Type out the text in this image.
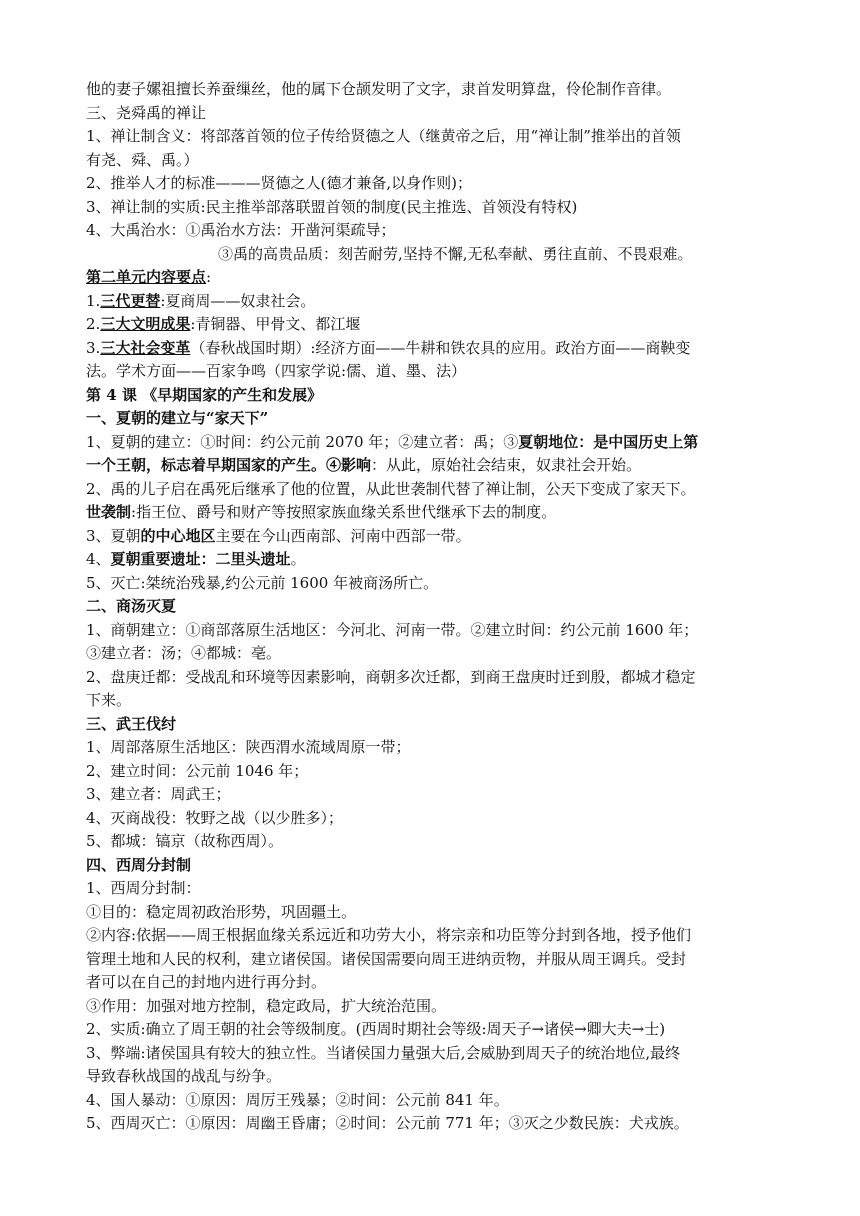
他的妻子嫘祖擅长养蚕缫丝，他的属下仓颉发明了文字，隶首发明算盘，伶伦制作音律。
三、尧舜禹的禅让
1、禅让制含义：将部落首领的位子传给贤德之人（继黄帝之后，用“禅让制”推举出的首领
有尧、舜、禹。）
2、推举人才的标准———贤德之人(德才兼备,以身作则)；
3、禅让制的实质:民主推举部落联盟首领的制度(民主推选、首领没有特权)
4、大禹治水：①禹治水方法：开凿河渠疏导；
③禹的高贵品质：刻苦耐劳,坚持不懈,无私奉献、勇往直前、不畏艰难。
第二单元内容要点:
1.三代更替:夏商周——奴隶社会。
2.三大文明成果:青铜器、甲骨文、都江堰
3.三大社会变革（春秋战国时期）:经济方面——牛耕和铁农具的应用。政治方面——商鞅变
法。学术方面——百家争鸣（四家学说:儒、道、墨、法）
第 4 课 《早期国家的产生和发展》
一、夏朝的建立与“家天下”
1、夏朝的建立：①时间：约公元前 2070 年；②建立者：禹；③夏朝地位：是中国历史上第
一个王朝，标志着早期国家的产生。④影响：从此，原始社会结束，奴隶社会开始。
2、禹的儿子启在禹死后继承了他的位置，从此世袭制代替了禅让制，公天下变成了家天下。
世袭制:指王位、爵号和财产等按照家族血缘关系世代继承下去的制度。
3、夏朝的中心地区主要在今山西南部、河南中西部一带。
4、夏朝重要遗址：二里头遗址。
5、灭亡:桀统治残暴,约公元前 1600 年被商汤所亡。
二、商汤灭夏
1、商朝建立：①商部落原生活地区：今河北、河南一带。②建立时间：约公元前 1600 年；
③建立者：汤；④都城：亳。
2、盘庚迁都：受战乱和环境等因素影响，商朝多次迁都，到商王盘庚时迁到殷，都城才稳定
下来。
三、武王伐纣
1、周部落原生活地区：陕西渭水流域周原一带；
2、建立时间：公元前 1046 年；
3、建立者：周武王；
4、灭商战役：牧野之战（以少胜多）；
5、都城：镐京（故称西周）。
四、西周分封制
1、西周分封制：
①目的：稳定周初政治形势，巩固疆土。
②内容:依据——周王根据血缘关系远近和功劳大小，将宗亲和功臣等分封到各地，授予他们
管理土地和人民的权利，建立诸侯国。诸侯国需要向周王进纳贡物，并服从周王调兵。受封
者可以在自己的封地内进行再分封。
③作用：加强对地方控制，稳定政局，扩大统治范围。
2、实质:确立了周王朝的社会等级制度。(西周时期社会等级:周天子→诸侯→卿大夫→士)
3、弊端:诸侯国具有较大的独立性。当诸侯国力量强大后,会威胁到周天子的统治地位,最终
导致春秋战国的战乱与纷争。
4、国人暴动：①原因：周厉王残暴；②时间：公元前 841 年。
5、西周灭亡：①原因：周幽王昏庸；②时间：公元前 771 年；③灭之少数民族：犬戎族。
